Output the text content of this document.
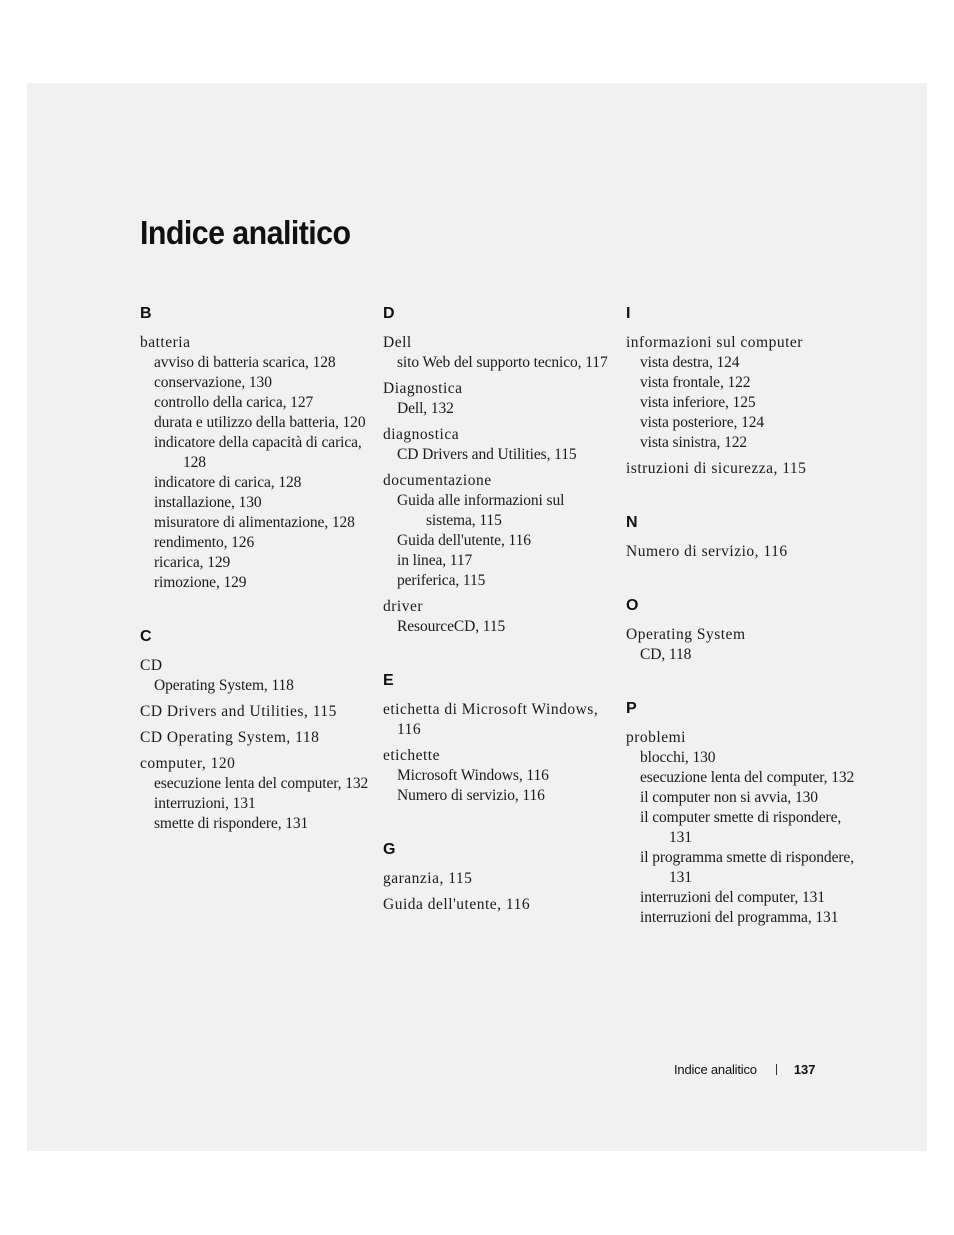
Indice analitico
B
batteria
avviso di batteria scarica, 128
conservazione, 130
controllo della carica, 127
durata e utilizzo della batteria, 120
indicatore della capacità di carica, 128
indicatore di carica, 128
installazione, 130
misuratore di alimentazione, 128
rendimento, 126
ricarica, 129
rimozione, 129
C
CD
Operating System, 118
CD Drivers and Utilities, 115
CD Operating System, 118
computer, 120
esecuzione lenta del computer, 132
interruzioni, 131
smette di rispondere, 131
D
Dell
sito Web del supporto tecnico, 117
Diagnostica
Dell, 132
diagnostica
CD Drivers and Utilities, 115
documentazione
Guida alle informazioni sul sistema, 115
Guida dell'utente, 116
in linea, 117
periferica, 115
driver
ResourceCD, 115
E
etichetta di Microsoft Windows, 116
etichette
Microsoft Windows, 116
Numero di servizio, 116
G
garanzia, 115
Guida dell'utente, 116
I
informazioni sul computer
vista destra, 124
vista frontale, 122
vista inferiore, 125
vista posteriore, 124
vista sinistra, 122
istruzioni di sicurezza, 115
N
Numero di servizio, 116
O
Operating System
CD, 118
P
problemi
blocchi, 130
esecuzione lenta del computer, 132
il computer non si avvia, 130
il computer smette di rispondere, 131
il programma smette di rispondere, 131
interruzioni del computer, 131
interruzioni del programma, 131
Indice analitico	137
